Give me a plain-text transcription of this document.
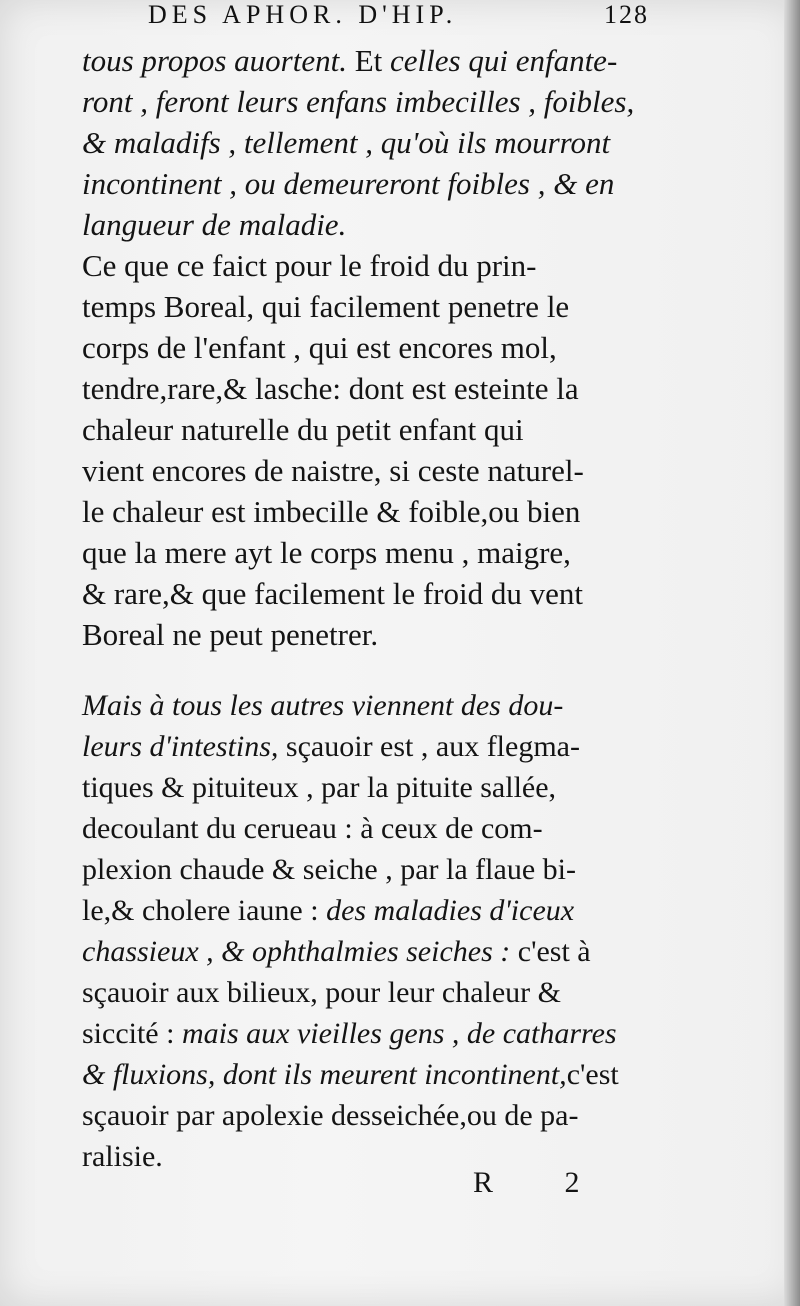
DES APHOR. D'HIP.	128
tous propos auortent. Et celles qui enfante-
ront , feront leurs enfans imbecilles , foibles,
& maladifs , tellement , qu'où ils mourront
incontinent , ou demeureront foibles , & en
langueur de maladie.
Ce que ce faict pour le froid du prin-
temps Boreal, qui facilement penetre le
corps de l'enfant , qui est encores mol,
tendre,rare,& lasche: dont est esteinte la
chaleur naturelle du petit enfant qui
vient encores de naistre, si ceste naturel-
le chaleur est imbecille & foible,ou bien
que la mere ayt le corps menu , maigre,
& rare,& que facilement le froid du vent
Boreal ne peut penetrer.
Mais à tous les autres viennent des dou-
leurs d'intestins, sçauoir est , aux flegma-
tiques & pituiteux , par la pituite sallée,
decoulant du cerueau : à ceux de com-
plexion chaude & seiche , par la flaue bi-
le,& cholere iaune : des maladies d'iceux
chassieux , & ophthalmies seiches : c'est à
sçauoir aux bilieux, pour leur chaleur &
siccité : mais aux vieilles gens , de catharres
& fluxions, dont ils meurent incontinent,c'est
sçauoir par apolexie desseichée,ou de pa-
ralisie.
R 2
